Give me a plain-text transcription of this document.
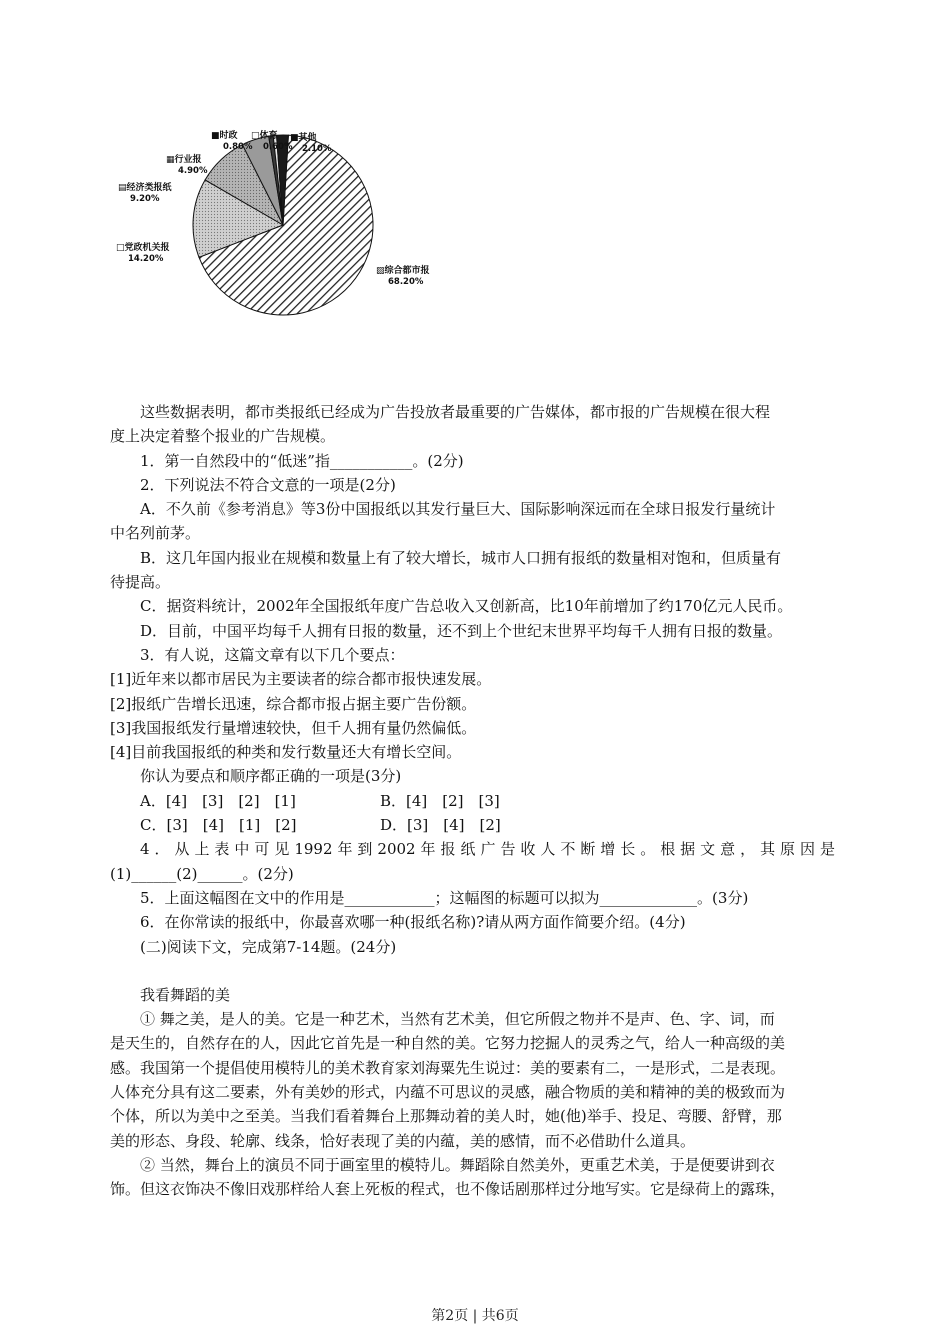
▨综合都市报
68.20%
□党政机关报
14.20%
▤经济类报纸
9.20%
▦行业报
4.90%
■其他
2.10%
■时政
0.80%
□体育
0.60%
这些数据表明，都市类报纸已经成为广告投放者最重要的广告媒体，都市报的广告规模在很大程
度上决定着整个报业的广告规模。
1．第一自然段中的“低迷”指___________。(2分)
2．下列说法不符合文意的一项是(2分)
A．不久前《参考消息》等3份中国报纸以其发行量巨大、国际影响深远而在全球日报发行量统计
中名列前茅。
B．这几年国内报业在规模和数量上有了较大增长，城市人口拥有报纸的数量相对饱和，但质量有
待提高。
C．据资料统计，2002年全国报纸年度广告总收入又创新高，比10年前增加了约170亿元人民币。
D．目前，中国平均每千人拥有日报的数量，还不到上个世纪末世界平均每千人拥有日报的数量。
3．有人说，这篇文章有以下几个要点：
[1]近年来以都市居民为主要读者的综合都市报快速发展。
[2]报纸广告增长迅速，综合都市报占据主要广告份额。
[3]我国报纸发行量增速较快，但千人拥有量仍然偏低。
[4]目前我国报纸的种类和发行数量还大有增长空间。
你认为要点和顺序都正确的一项是(3分)
A．[4]　[3]　[2]　[1]	B．[4]　[2]　[3]
C．[3]　[4]　[1]　[2]	D．[3]　[4]　[2]
4．从上表中可见1992年到2002年报纸广告收人不断增长。根据文意，其原因是
(1)______(2)______。(2分)
5．上面这幅图在文中的作用是____________；这幅图的标题可以拟为_____________。(3分)
6．在你常读的报纸中，你最喜欢哪一种(报纸名称)?请从两方面作简要介绍。(4分)
(二)阅读下文，完成第7-14题。(24分)
我看舞蹈的美
① 舞之美，是人的美。它是一种艺术，当然有艺术美，但它所假之物并不是声、色、字、词，而
是天生的，自然存在的人，因此它首先是一种自然的美。它努力挖掘人的灵秀之气，给人一种高级的美
感。我国第一个提倡使用模特儿的美术教育家刘海粟先生说过：美的要素有二，一是形式，二是表现。
人体充分具有这二要素，外有美妙的形式，内蕴不可思议的灵感，融合物质的美和精神的美的极致而为
个体，所以为美中之至美。当我们看着舞台上那舞动着的美人时，她(他)举手、投足、弯腰、舒臂，那
美的形态、身段、轮廓、线条，恰好表现了美的内蕴，美的感情，而不必借助什么道具。
② 当然，舞台上的演员不同于画室里的模特儿。舞蹈除自然美外，更重艺术美，于是便要讲到衣
饰。但这衣饰决不像旧戏那样给人套上死板的程式，也不像话剧那样过分地写实。它是绿荷上的露珠，
第2页 | 共6页
